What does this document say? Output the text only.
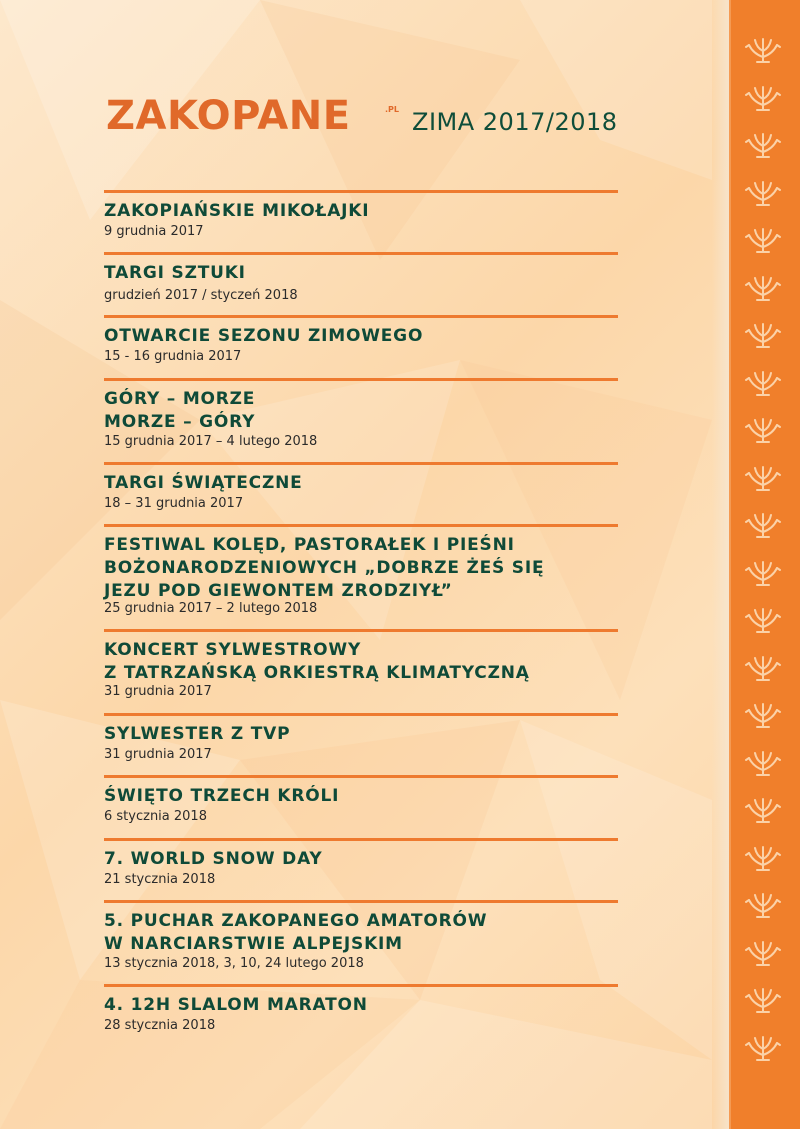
ZAKOPANE	.PL ZIMA 2017/2018
ZAKOPIAŃSKIE MIKOŁAJKI
9 grudnia 2017
TARGI SZTUKI
grudzień 2017 / styczeń 2018
OTWARCIE SEZONU ZIMOWEGO
15 - 16 grudnia 2017
GÓRY – MORZE
MORZE – GÓRY
15 grudnia 2017 – 4 lutego 2018
TARGI ŚWIĄTECZNE
18 – 31 grudnia 2017
FESTIWAL KOLĘD, PASTORAŁEK I PIEŚNI
BOŻONARODZENIOWYCH „DOBRZE ŻEŚ SIĘ
JEZU POD GIEWONTEM ZRODZIYŁ”
25 grudnia 2017 – 2 lutego 2018
KONCERT SYLWESTROWY
Z TATRZAŃSKĄ ORKIESTRĄ KLIMATYCZNĄ
31 grudnia 2017
SYLWESTER Z TVP
31 grudnia 2017
ŚWIĘTO TRZECH KRÓLI
6 stycznia 2018
7. WORLD SNOW DAY
21 stycznia 2018
5. PUCHAR ZAKOPANEGO AMATORÓW
W NARCIARSTWIE ALPEJSKIM
13 stycznia 2018, 3, 10, 24 lutego 2018
4. 12H SLALOM MARATON
28 stycznia 2018
